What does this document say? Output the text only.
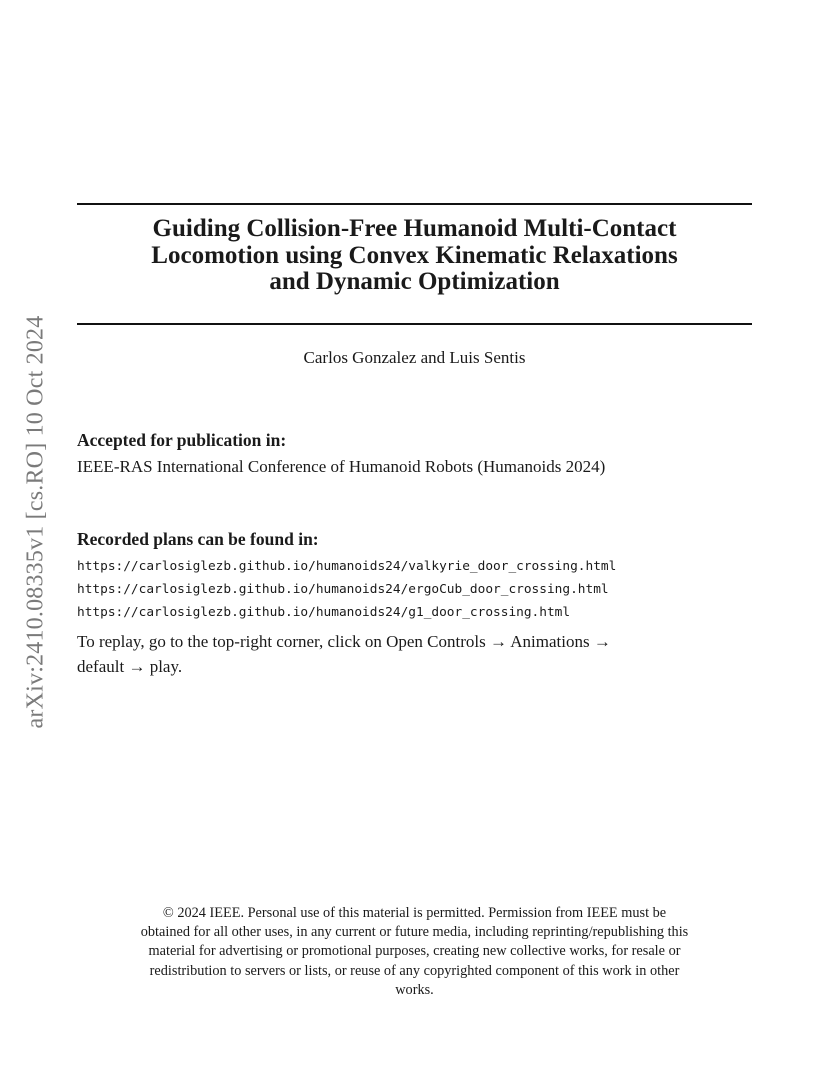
arXiv:2410.08335v1 [cs.RO] 10 Oct 2024
Guiding Collision-Free Humanoid Multi-Contact
Locomotion using Convex Kinematic Relaxations
and Dynamic Optimization
Carlos Gonzalez and Luis Sentis
Accepted for publication in:
IEEE-RAS International Conference of Humanoid Robots (Humanoids 2024)
Recorded plans can be found in:
https://carlosiglezb.github.io/humanoids24/valkyrie_door_crossing.html
https://carlosiglezb.github.io/humanoids24/ergoCub_door_crossing.html
https://carlosiglezb.github.io/humanoids24/g1_door_crossing.html
To replay, go to the top-right corner, click on Open Controls → Animations →
default → play.
© 2024 IEEE. Personal use of this material is permitted. Permission from IEEE must be
obtained for all other uses, in any current or future media, including reprinting/republishing this
material for advertising or promotional purposes, creating new collective works, for resale or
redistribution to servers or lists, or reuse of any copyrighted component of this work in other
works.
